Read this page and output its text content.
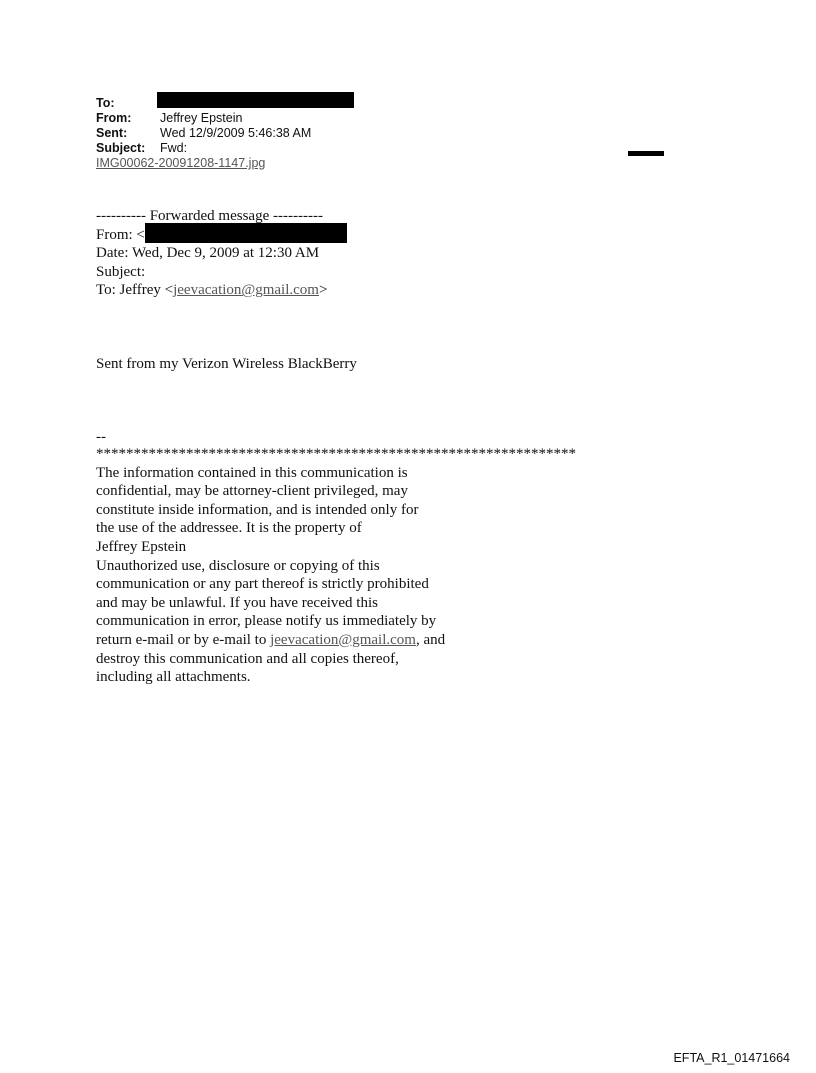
To:
From:	Jeffrey Epstein
Sent:	Wed 12/9/2009 5:46:38 AM
Subject:	Fwd:
IMG00062-20091208-1147.jpg
---------- Forwarded message ----------
From: <
Date: Wed, Dec 9, 2009 at 12:30 AM
Subject:
To: Jeffrey <jeevacation@gmail.com>
Sent from my Verizon Wireless BlackBerry
--
****************************************************************
The information contained in this communication is
confidential, may be attorney-client privileged, may
constitute inside information, and is intended only for
the use of the addressee. It is the property of
Jeffrey Epstein
Unauthorized use, disclosure or copying of this
communication or any part thereof is strictly prohibited
and may be unlawful. If you have received this
communication in error, please notify us immediately by
return e-mail or by e-mail to jeevacation@gmail.com, and
destroy this communication and all copies thereof,
including all attachments.
EFTA_R1_01471664
